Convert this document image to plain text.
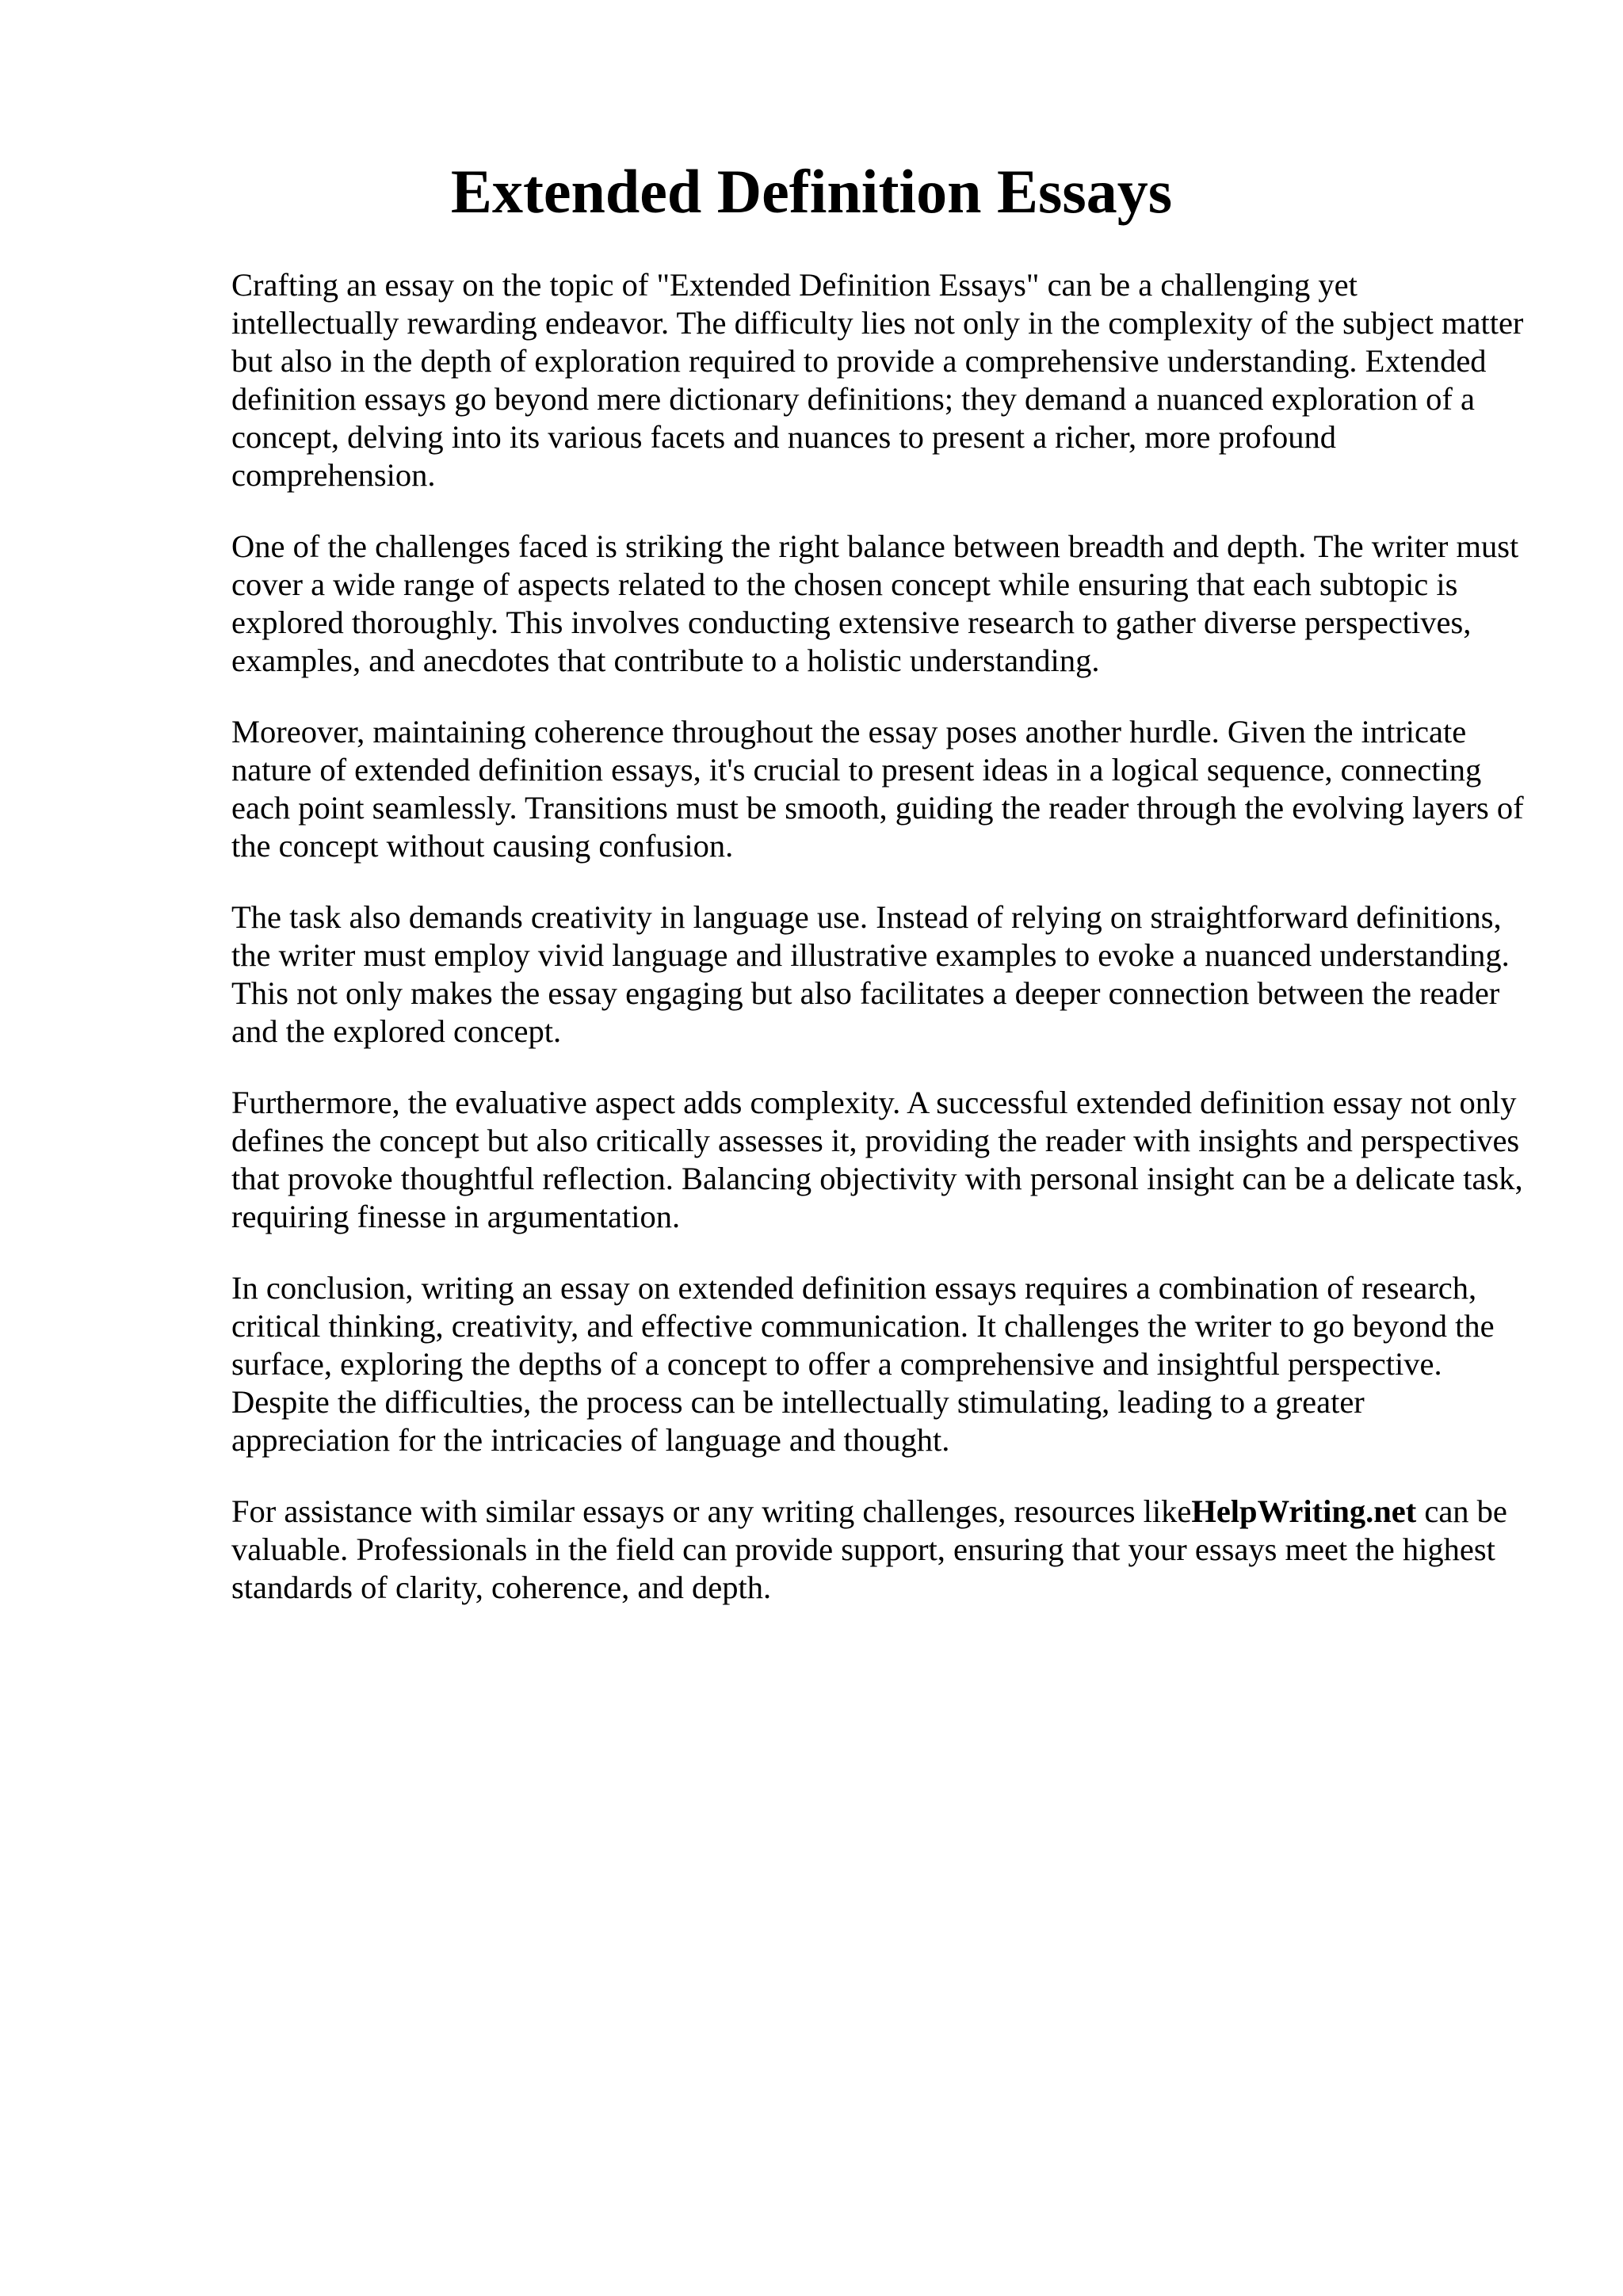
Extended Definition Essays

Crafting an essay on the topic of "Extended Definition Essays" can be a challenging yet intellectually rewarding endeavor. The difficulty lies not only in the complexity of the subject matter but also in the depth of exploration required to provide a comprehensive understanding. Extended definition essays go beyond mere dictionary definitions; they demand a nuanced exploration of a concept, delving into its various facets and nuances to present a richer, more profound comprehension.

One of the challenges faced is striking the right balance between breadth and depth. The writer must cover a wide range of aspects related to the chosen concept while ensuring that each subtopic is explored thoroughly. This involves conducting extensive research to gather diverse perspectives, examples, and anecdotes that contribute to a holistic understanding.

Moreover, maintaining coherence throughout the essay poses another hurdle. Given the intricate nature of extended definition essays, it's crucial to present ideas in a logical sequence, connecting each point seamlessly. Transitions must be smooth, guiding the reader through the evolving layers of the concept without causing confusion.

The task also demands creativity in language use. Instead of relying on straightforward definitions, the writer must employ vivid language and illustrative examples to evoke a nuanced understanding. This not only makes the essay engaging but also facilitates a deeper connection between the reader and the explored concept.

Furthermore, the evaluative aspect adds complexity. A successful extended definition essay not only defines the concept but also critically assesses it, providing the reader with insights and perspectives that provoke thoughtful reflection. Balancing objectivity with personal insight can be a delicate task, requiring finesse in argumentation.

In conclusion, writing an essay on extended definition essays requires a combination of research, critical thinking, creativity, and effective communication. It challenges the writer to go beyond the surface, exploring the depths of a concept to offer a comprehensive and insightful perspective. Despite the difficulties, the process can be intellectually stimulating, leading to a greater appreciation for the intricacies of language and thought.

For assistance with similar essays or any writing challenges, resources likeHelpWriting.net can be valuable. Professionals in the field can provide support, ensuring that your essays meet the highest standards of clarity, coherence, and depth.
